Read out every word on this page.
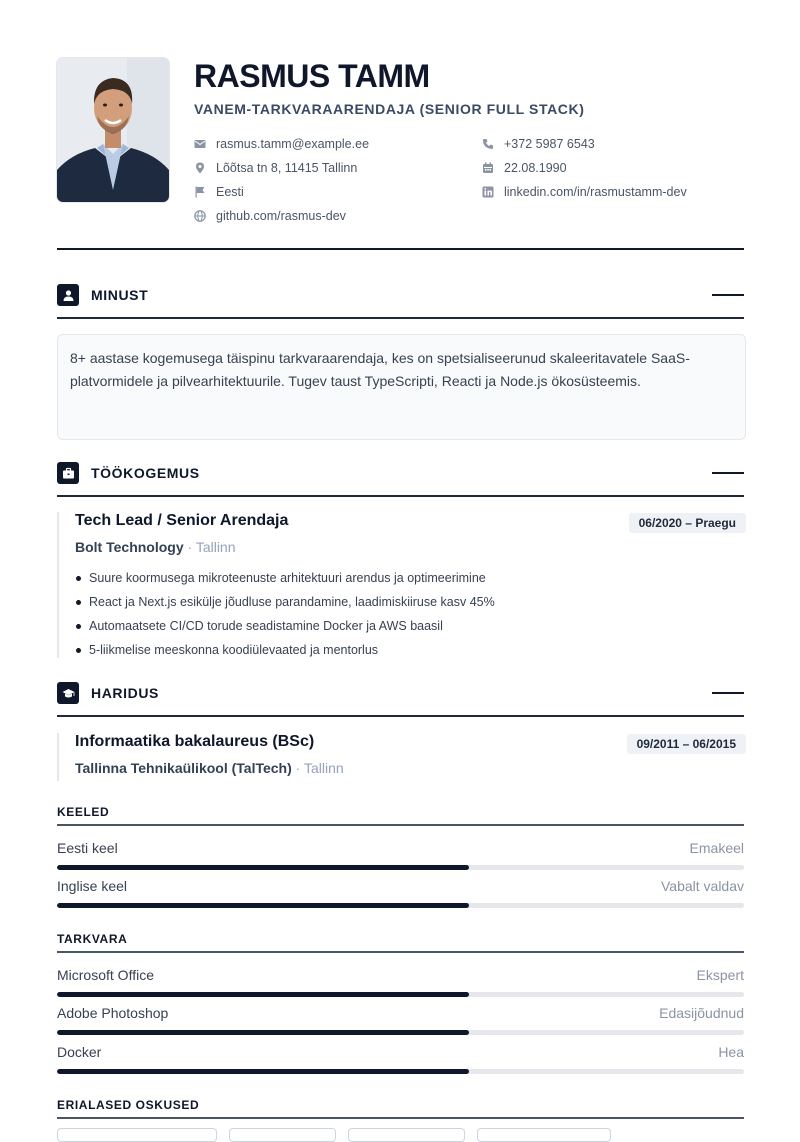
RASMUS TAMM
VANEM-TARKVARAARENDAJA (SENIOR FULL STACK)
rasmus.tamm@example.ee	+372 5987 6543
Lõõtsa tn 8, 11415 Tallinn	22.08.1990
Eesti	linkedin.com/in/rasmustamm-dev
github.com/rasmus-dev
MINUST
8+ aastase kogemusega täispinu tarkvaraarendaja, kes on spetsialiseerunud skaleeritavatele SaaS-platvormidele ja pilvearhitektuurile. Tugev taust TypeScripti, Reacti ja Node.js ökosüsteemis.
TÖÖKOGEMUS
Tech Lead / Senior Arendaja	06/2020 – Praegu
Bolt Technology · Tallinn
Suure koormusega mikroteenuste arhitektuuri arendus ja optimeerimine
React ja Next.js esikülje jõudluse parandamine, laadimiskiiruse kasv 45%
Automaatsete CI/CD torude seadistamine Docker ja AWS baasil
5-liikmelise meeskonna koodiülevaated ja mentorlus
HARIDUS
Informaatika bakalaureus (BSc)	09/2011 – 06/2015
Tallinna Tehnikaülikool (TalTech) · Tallinn
KEELED
Eesti keel	Emakeel
Inglise keel	Vabalt valdav
TARKVARA
Microsoft Office	Ekspert
Adobe Photoshop	Edasijõudnud
Docker	Hea
ERIALASED OSKUSED
